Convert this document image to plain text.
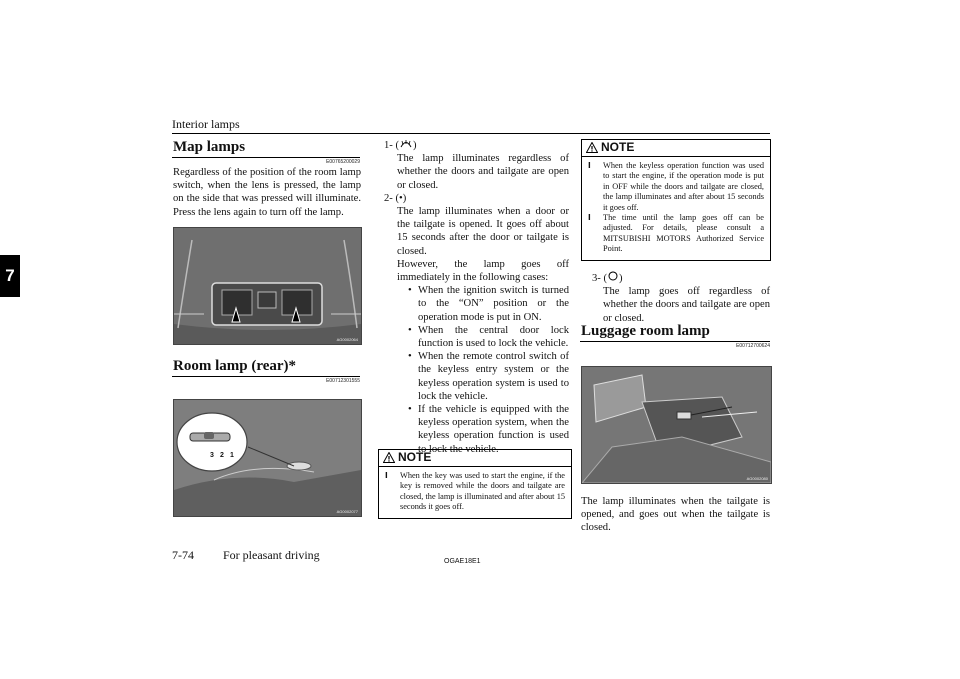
Interior lamps
7
Map lamps
E00765200029

Regardless of the position of the room lamp switch, when the lens is pressed, the lamp on the side that was pressed will illuminate. Press the lens again to turn off the lamp.

AG0002064
Room lamp (rear)*
E00712301555
3 2 1
AG0002077
1- ( )

The lamp illuminates regardless of whether the doors and tailgate are open or closed.

2- (•)

The lamp illuminates when a door or the tailgate is opened. It goes off about 15 seconds after the door or tailgate is closed.

However, the lamp goes off immediately in the following cases:

• When the ignition switch is turned to the “ON” position or the operation mode is put in ON.
• When the central door lock function is used to lock the vehicle.
• When the remote control switch of the keyless entry system or the keyless operation system is used to lock the vehicle.
• If the vehicle is equipped with the keyless operation system, when the keyless operation function is used to lock the vehicle.
NOTE
l When the key was used to start the engine, if the key is removed while the doors and tailgate are closed, the lamp is illuminated and after about 15 seconds it goes off.
NOTE
l When the keyless operation function was used to start the engine, if the operation mode is put in OFF while the doors and tailgate are closed, the lamp illuminates and after about 15 seconds it goes off.
l The time until the lamp goes off can be adjusted. For details, please consult a MITSUBISHI MOTORS Authorized Service Point.
3- ( )

The lamp goes off regardless of whether the doors and tailgate are open or closed.

Luggage room lamp
E00712700624
AG0002080

The lamp illuminates when the tailgate is opened, and goes out when the tailgate is closed.

7-74 For pleasant driving	OGAE18E1
